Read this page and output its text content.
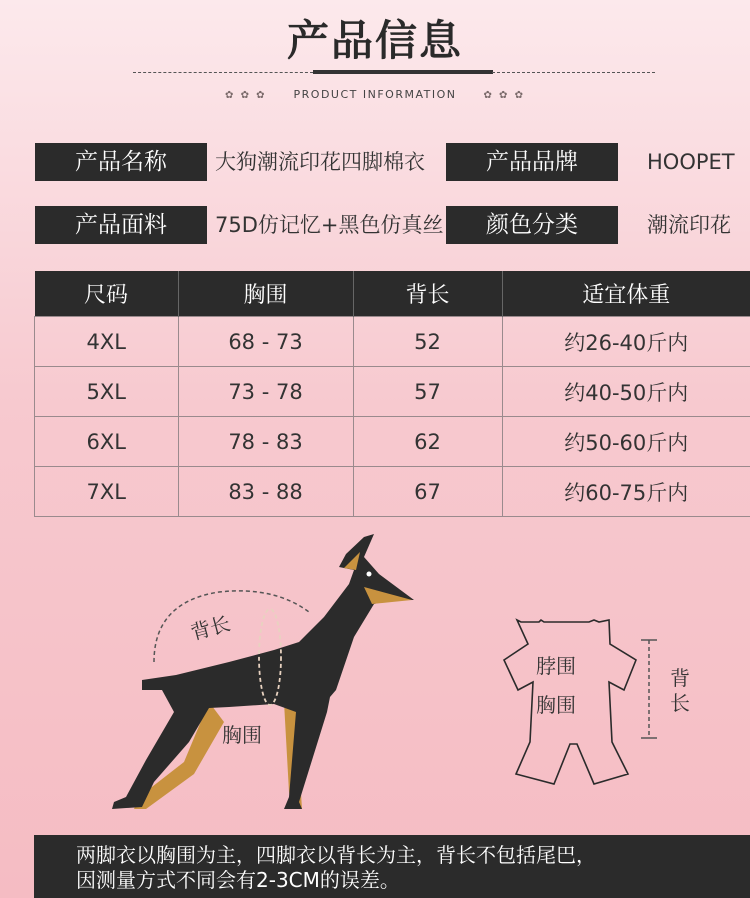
产品信息
✿ ✿ ✿ PRODUCT INFORMATION	✿ ✿ ✿
产品名称	大狗潮流印花四脚棉衣	产品品牌	HOOPET
产品面料	75D仿记忆+黑色仿真丝	颜色分类	潮流印花
尺码	胸围	背长	适宜体重
4XL	68 - 73	52	约26-40斤内
5XL	73 - 78	57	约40-50斤内
6XL	78 - 83	62	约50-60斤内
7XL	83 - 88	67	约60-75斤内
背长
胸围
脖围
胸围
背
长
两脚衣以胸围为主，四脚衣以背长为主，背长不包括尾巴，
因测量方式不同会有2-3CM的误差。
